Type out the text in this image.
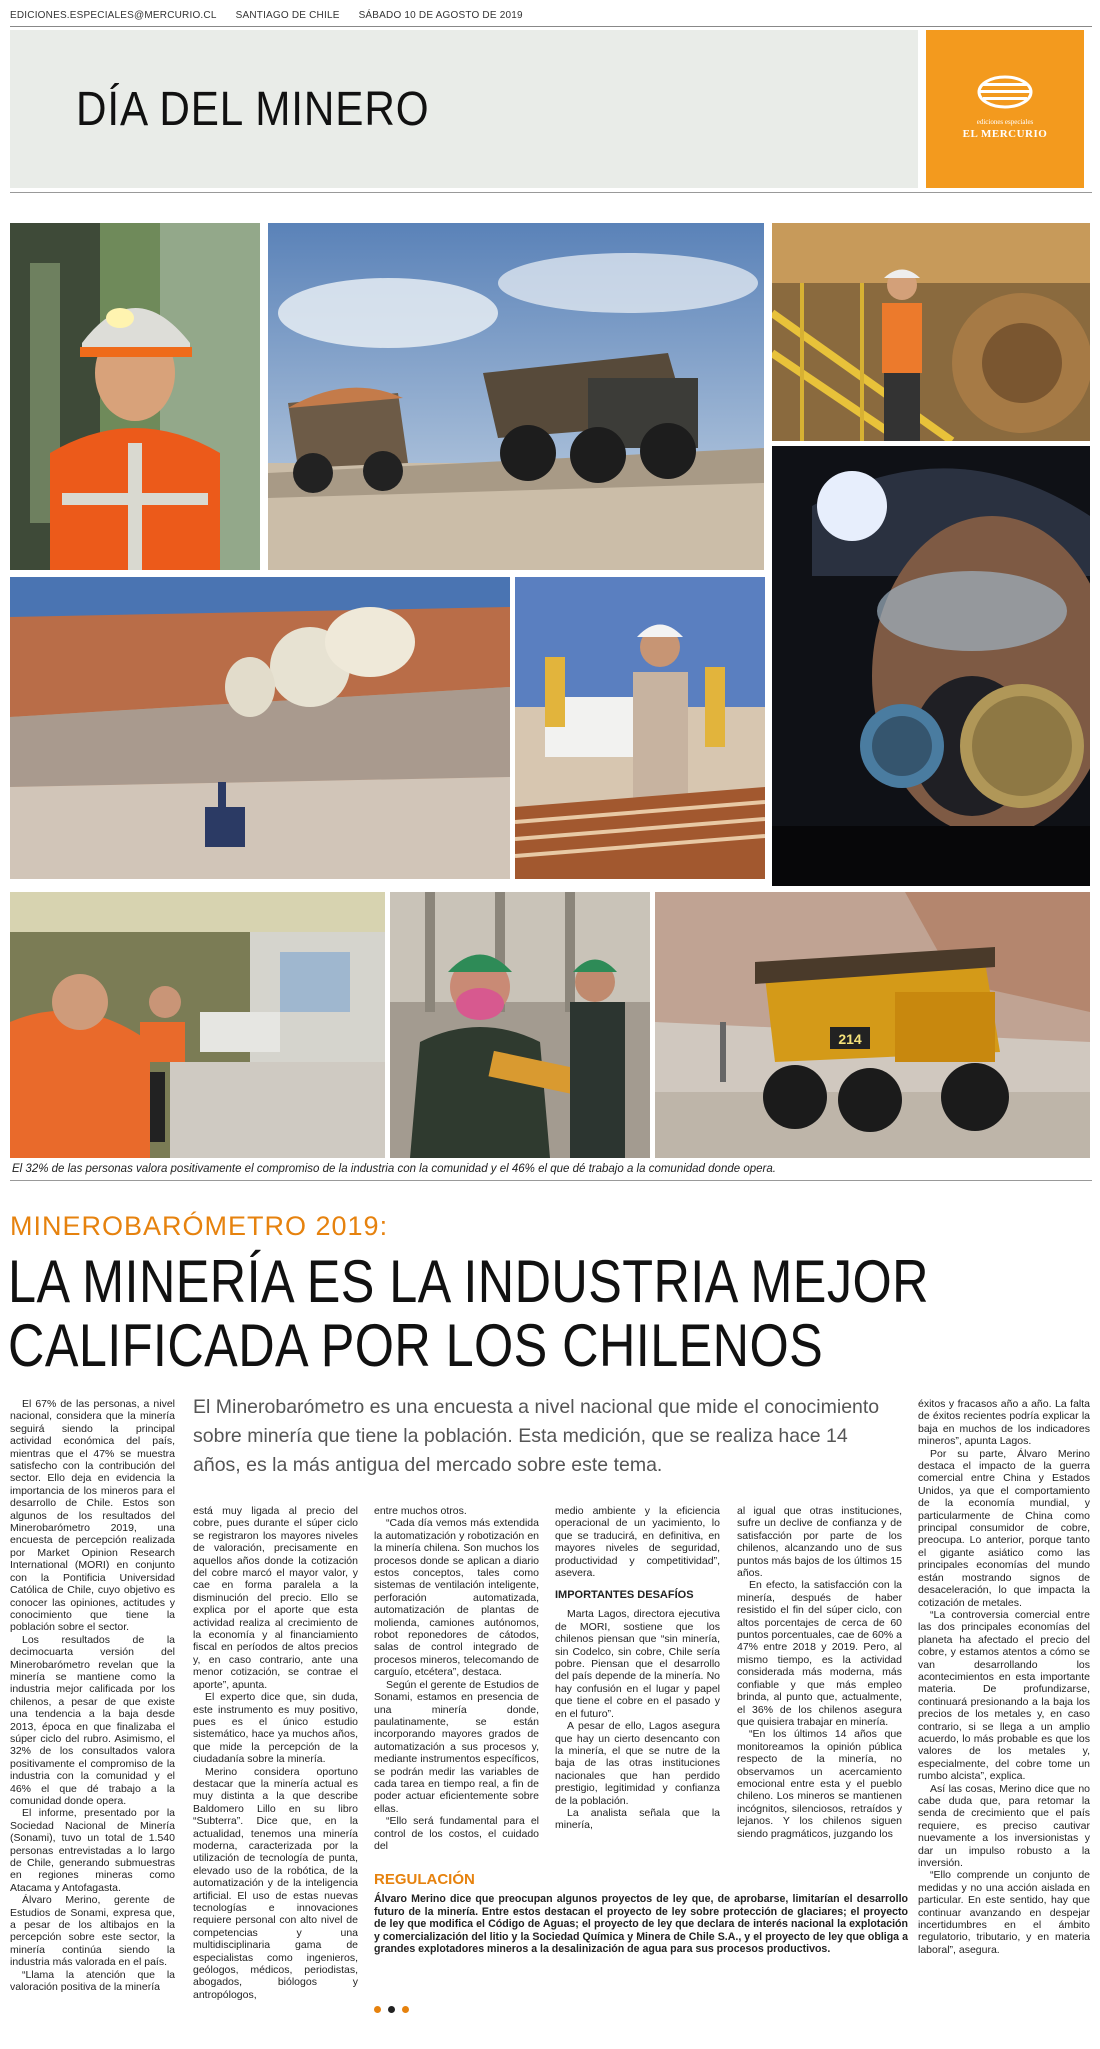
EDICIONES.ESPECIALES@MERCURIO.CL SANTIAGO DE CHILE SÁBADO 10 DE AGOSTO DE 2019
DÍA DEL MINERO	ediciones especiales
EL MERCURIO
214
El 32% de las personas valora positivamente el compromiso de la industria con la comunidad y el 46% el que dé trabajo a la comunidad donde opera.
MINEROBARÓMETRO 2019:
LA MINERÍA ES LA INDUSTRIA MEJOR
CALIFICADA POR LOS CHILENOS
El Minerobarómetro es una encuesta a nivel nacional que mide el conocimiento sobre minería que tiene la población. Esta medición, que se realiza hace 14 años, es la más antigua del mercado sobre este tema.

El 67% de las personas, a nivel nacional, considera que la minería seguirá siendo la principal actividad económica del país, mientras que el 47% se muestra satisfecho con la contribución del sector. Ello deja en evidencia la importancia de los mineros para el desarrollo de Chile. Estos son algunos de los resultados del Minerobarómetro 2019, una encuesta de percepción realizada por Market Opinion Research International (MORI) en conjunto con la Pontificia Universidad Católica de Chile, cuyo objetivo es conocer las opiniones, actitudes y conocimiento que tiene la población sobre el sector.

Los resultados de la decimocuarta versión del Minerobarómetro revelan que la minería se mantiene como la industria mejor calificada por los chilenos, a pesar de que existe una tendencia a la baja desde 2013, época en que finalizaba el súper ciclo del rubro. Asimismo, el 32% de los consultados valora positivamente el compromiso de la industria con la comunidad y el 46% el que dé trabajo a la comunidad donde opera.

El informe, presentado por la Sociedad Nacional de Minería (Sonami), tuvo un total de 1.540 personas entrevistadas a lo largo de Chile, generando submuestras en regiones mineras como Atacama y Antofagasta.

Álvaro Merino, gerente de Estudios de Sonami, expresa que, a pesar de los altibajos en la percepción sobre este sector, la minería continúa siendo la industria más valorada en el país.

“Llama la atención que la valoración positiva de la minería

está muy ligada al precio del cobre, pues durante el súper ciclo se registraron los mayores niveles de valoración, precisamente en aquellos años donde la cotización del cobre marcó el mayor valor, y cae en forma paralela a la disminución del precio. Ello se explica por el aporte que esta actividad realiza al crecimiento de la economía y al financiamiento fiscal en períodos de altos precios y, en caso contrario, ante una menor cotización, se contrae el aporte”, apunta.

El experto dice que, sin duda, este instrumento es muy positivo, pues es el único estudio sistemático, hace ya muchos años, que mide la percepción de la ciudadanía sobre la minería.

Merino considera oportuno destacar que la minería actual es muy distinta a la que describe Baldomero Lillo en su libro “Subterra”. Dice que, en la actualidad, tenemos una minería moderna, caracterizada por la utilización de tecnología de punta, elevado uso de la robótica, de la automatización y de la inteligencia artificial. El uso de estas nuevas tecnologías e innovaciones requiere personal con alto nivel de competencias y una multidisciplinaria gama de especialistas como ingenieros, geólogos, médicos, periodistas, abogados, biólogos y antropólogos,

entre muchos otros.

“Cada día vemos más extendida la automatización y robotización en la minería chilena. Son muchos los procesos donde se aplican a diario estos conceptos, tales como sistemas de ventilación inteligente, perforación automatizada, automatización de plantas de molienda, camiones autónomos, robot reponedores de cátodos, salas de control integrado de procesos mineros, telecomando de carguío, etcétera”, destaca.

Según el gerente de Estudios de Sonami, estamos en presencia de una minería donde, paulatinamente, se están incorporando mayores grados de automatización a sus procesos y, mediante instrumentos específicos, se podrán medir las variables de cada tarea en tiempo real, a fin de poder actuar eficientemente sobre ellas.

“Ello será fundamental para el control de los costos, el cuidado del

medio ambiente y la eficiencia operacional de un yacimiento, lo que se traducirá, en definitiva, en mayores niveles de seguridad, productividad y competitividad”, asevera.

IMPORTANTES DESAFÍOS

Marta Lagos, directora ejecutiva de MORI, sostiene que los chilenos piensan que “sin minería, sin Codelco, sin cobre, Chile sería pobre. Piensan que el desarrollo del país depende de la minería. No hay confusión en el lugar y papel que tiene el cobre en el pasado y en el futuro”.

A pesar de ello, Lagos asegura que hay un cierto desencanto con la minería, el que se nutre de la baja de las otras instituciones nacionales que han perdido prestigio, legitimidad y confianza de la población.

La analista señala que la minería,

al igual que otras instituciones, sufre un declive de confianza y de satisfacción por parte de los chilenos, alcanzando uno de sus puntos más bajos de los últimos 15 años.

En efecto, la satisfacción con la minería, después de haber resistido el fin del súper ciclo, con altos porcentajes de cerca de 60 puntos porcentuales, cae de 60% a 47% entre 2018 y 2019. Pero, al mismo tiempo, es la actividad considerada más moderna, más confiable y que más empleo brinda, al punto que, actualmente, el 36% de los chilenos asegura que quisiera trabajar en minería.

“En los últimos 14 años que monitoreamos la opinión pública respecto de la minería, no observamos un acercamiento emocional entre esta y el pueblo chileno. Los mineros se mantienen incógnitos, silenciosos, retraídos y lejanos. Y los chilenos siguen siendo pragmáticos, juzgando los

éxitos y fracasos año a año. La falta de éxitos recientes podría explicar la baja en muchos de los indicadores mineros”, apunta Lagos.

Por su parte, Álvaro Merino destaca el impacto de la guerra comercial entre China y Estados Unidos, ya que el comportamiento de la economía mundial, y particularmente de China como principal consumidor de cobre, preocupa. Lo anterior, porque tanto el gigante asiático como las principales economías del mundo están mostrando signos de desaceleración, lo que impacta la cotización de metales.

“La controversia comercial entre las dos principales economías del planeta ha afectado el precio del cobre, y estamos atentos a cómo se van desarrollando los acontecimientos en esta importante materia. De profundizarse, continuará presionando a la baja los precios de los metales y, en caso contrario, si se llega a un amplio acuerdo, lo más probable es que los valores de los metales y, especialmente, del cobre tome un rumbo alcista”, explica.

Así las cosas, Merino dice que no cabe duda que, para retomar la senda de crecimiento que el país requiere, es preciso cautivar nuevamente a los inversionistas y dar un impulso robusto a la inversión.

“Ello comprende un conjunto de medidas y no una acción aislada en particular. En este sentido, hay que continuar avanzando en despejar incertidumbres en el ámbito regulatorio, tributario, y en materia laboral”, asegura.

REGULACIÓN
Álvaro Merino dice que preocupan algunos proyectos de ley que, de aprobarse, limitarían el desarrollo futuro de la minería. Entre estos destacan el proyecto de ley sobre protección de glaciares; el proyecto de ley que modifica el Código de Aguas; el proyecto de ley que declara de interés nacional la explotación y comercialización del litio y la Sociedad Química y Minera de Chile S.A., y el proyecto de ley que obliga a grandes explotadores mineros a la desalinización de agua para sus procesos productivos.
